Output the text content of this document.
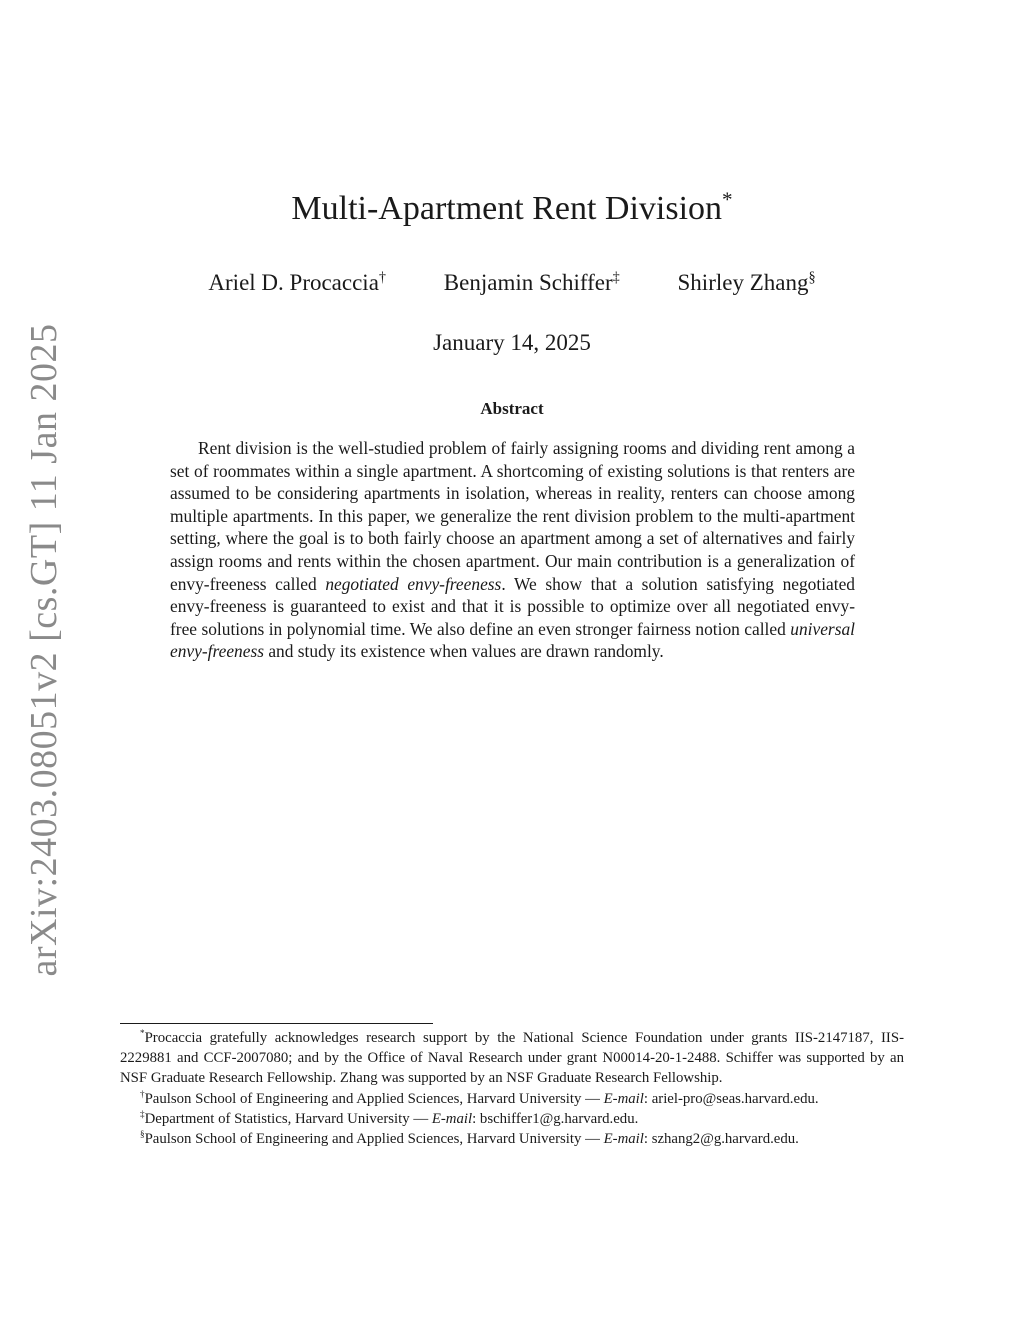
arXiv:2403.08051v2 [cs.GT] 11 Jan 2025
Multi-Apartment Rent Division*
Ariel D. Procaccia†	Benjamin Schiffer‡	Shirley Zhang§
January 14, 2025
Abstract

Rent division is the well-studied problem of fairly assigning rooms and dividing rent among a set of roommates within a single apartment. A shortcoming of existing solutions is that renters are assumed to be considering apartments in isolation, whereas in reality, renters can choose among multiple apartments. In this paper, we generalize the rent division problem to the multi-apartment setting, where the goal is to both fairly choose an apartment among a set of alternatives and fairly assign rooms and rents within the chosen apartment. Our main contribution is a generalization of envy-freeness called negotiated envy-freeness. We show that a solution satisfying negotiated envy-freeness is guaranteed to exist and that it is possible to optimize over all negotiated envy-free solutions in polynomial time. We also define an even stronger fairness notion called universal envy-freeness and study its existence when values are drawn randomly.

*Procaccia gratefully acknowledges research support by the National Science Foundation under grants IIS-2147187, IIS-2229881 and CCF-2007080; and by the Office of Naval Research under grant N00014-20-1-2488. Schiffer was supported by an NSF Graduate Research Fellowship. Zhang was supported by an NSF Graduate Research Fellowship.

†Paulson School of Engineering and Applied Sciences, Harvard University — E-mail: ariel-pro@seas.harvard.edu.

‡Department of Statistics, Harvard University — E-mail: bschiffer1@g.harvard.edu.

§Paulson School of Engineering and Applied Sciences, Harvard University — E-mail: szhang2@g.harvard.edu.
